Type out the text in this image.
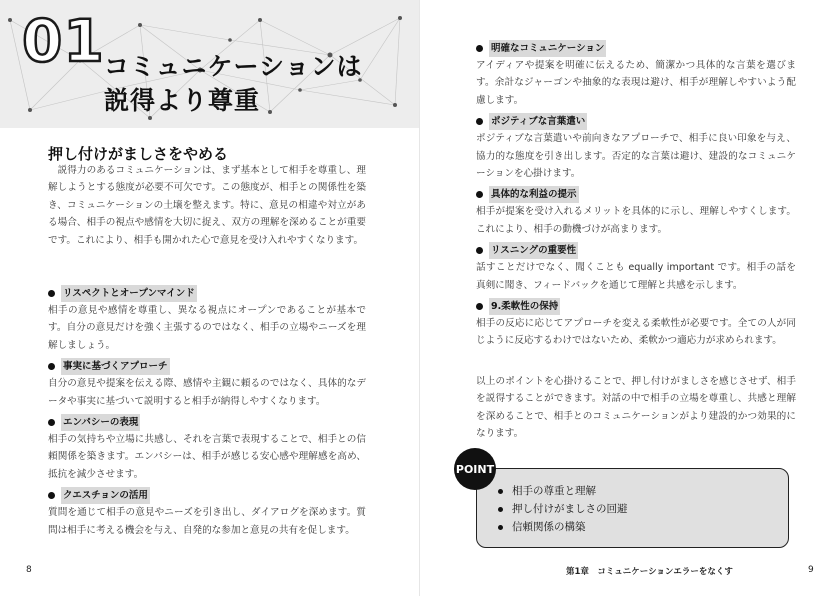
01 コミュニケーションは
説得より尊重
押し付けがましさをやめる
説得力のあるコミュニケーションは、まず基本として相手を尊重し、理解しようとする態度が必要不可欠です。この態度が、相手との関係性を築き、コミュニケーションの土壌を整えます。特に、意見の相違や対立がある場合、相手の視点や感情を大切に捉え、双方の理解を深めることが重要です。これにより、相手も開かれた心で意見を受け入れやすくなります。
リスペクトとオープンマインド
相手の意見や感情を尊重し、異なる視点にオープンであることが基本です。自分の意見だけを強く主張するのではなく、相手の立場やニーズを理解しましょう。
事実に基づくアプローチ
自分の意見や提案を伝える際、感情や主観に頼るのではなく、具体的なデータや事実に基づいて説明すると相手が納得しやすくなります。
エンパシーの表現
相手の気持ちや立場に共感し、それを言葉で表現することで、相手との信頼関係を築きます。エンパシーは、相手が感じる安心感や理解感を高め、抵抗を減少させます。
クエスチョンの活用
質問を通じて相手の意見やニーズを引き出し、ダイアログを深めます。質問は相手に考える機会を与え、自発的な参加と意見の共有を促します。
8
明確なコミュニケーション
アイディアや提案を明確に伝えるため、簡潔かつ具体的な言葉を選びます。余計なジャーゴンや抽象的な表現は避け、相手が理解しやすいよう配慮します。
ポジティブな言葉遣い
ポジティブな言葉遣いや前向きなアプローチで、相手に良い印象を与え、協力的な態度を引き出します。否定的な言葉は避け、建設的なコミュニケーションを心掛けます。
具体的な利益の提示
相手が提案を受け入れるメリットを具体的に示し、理解しやすくします。これにより、相手の動機づけが高まります。
リスニングの重要性
話すことだけでなく、聞くことも equally important です。相手の話を真剣に聞き、フィードバックを通じて理解と共感を示します。
9.柔軟性の保持
相手の反応に応じてアプローチを変える柔軟性が必要です。全ての人が同じように反応するわけではないため、柔軟かつ適応力が求められます。
以上のポイントを心掛けることで、押し付けがましさを感じさせず、相手を説得することができます。対話の中で相手の立場を尊重し、共感と理解を深めることで、相手とのコミュニケーションがより建設的かつ効果的になります。
POINT
相手の尊重と理解
押し付けがましさの回避
信頼関係の構築
第1章　コミュニケーションエラーをなくす	9
